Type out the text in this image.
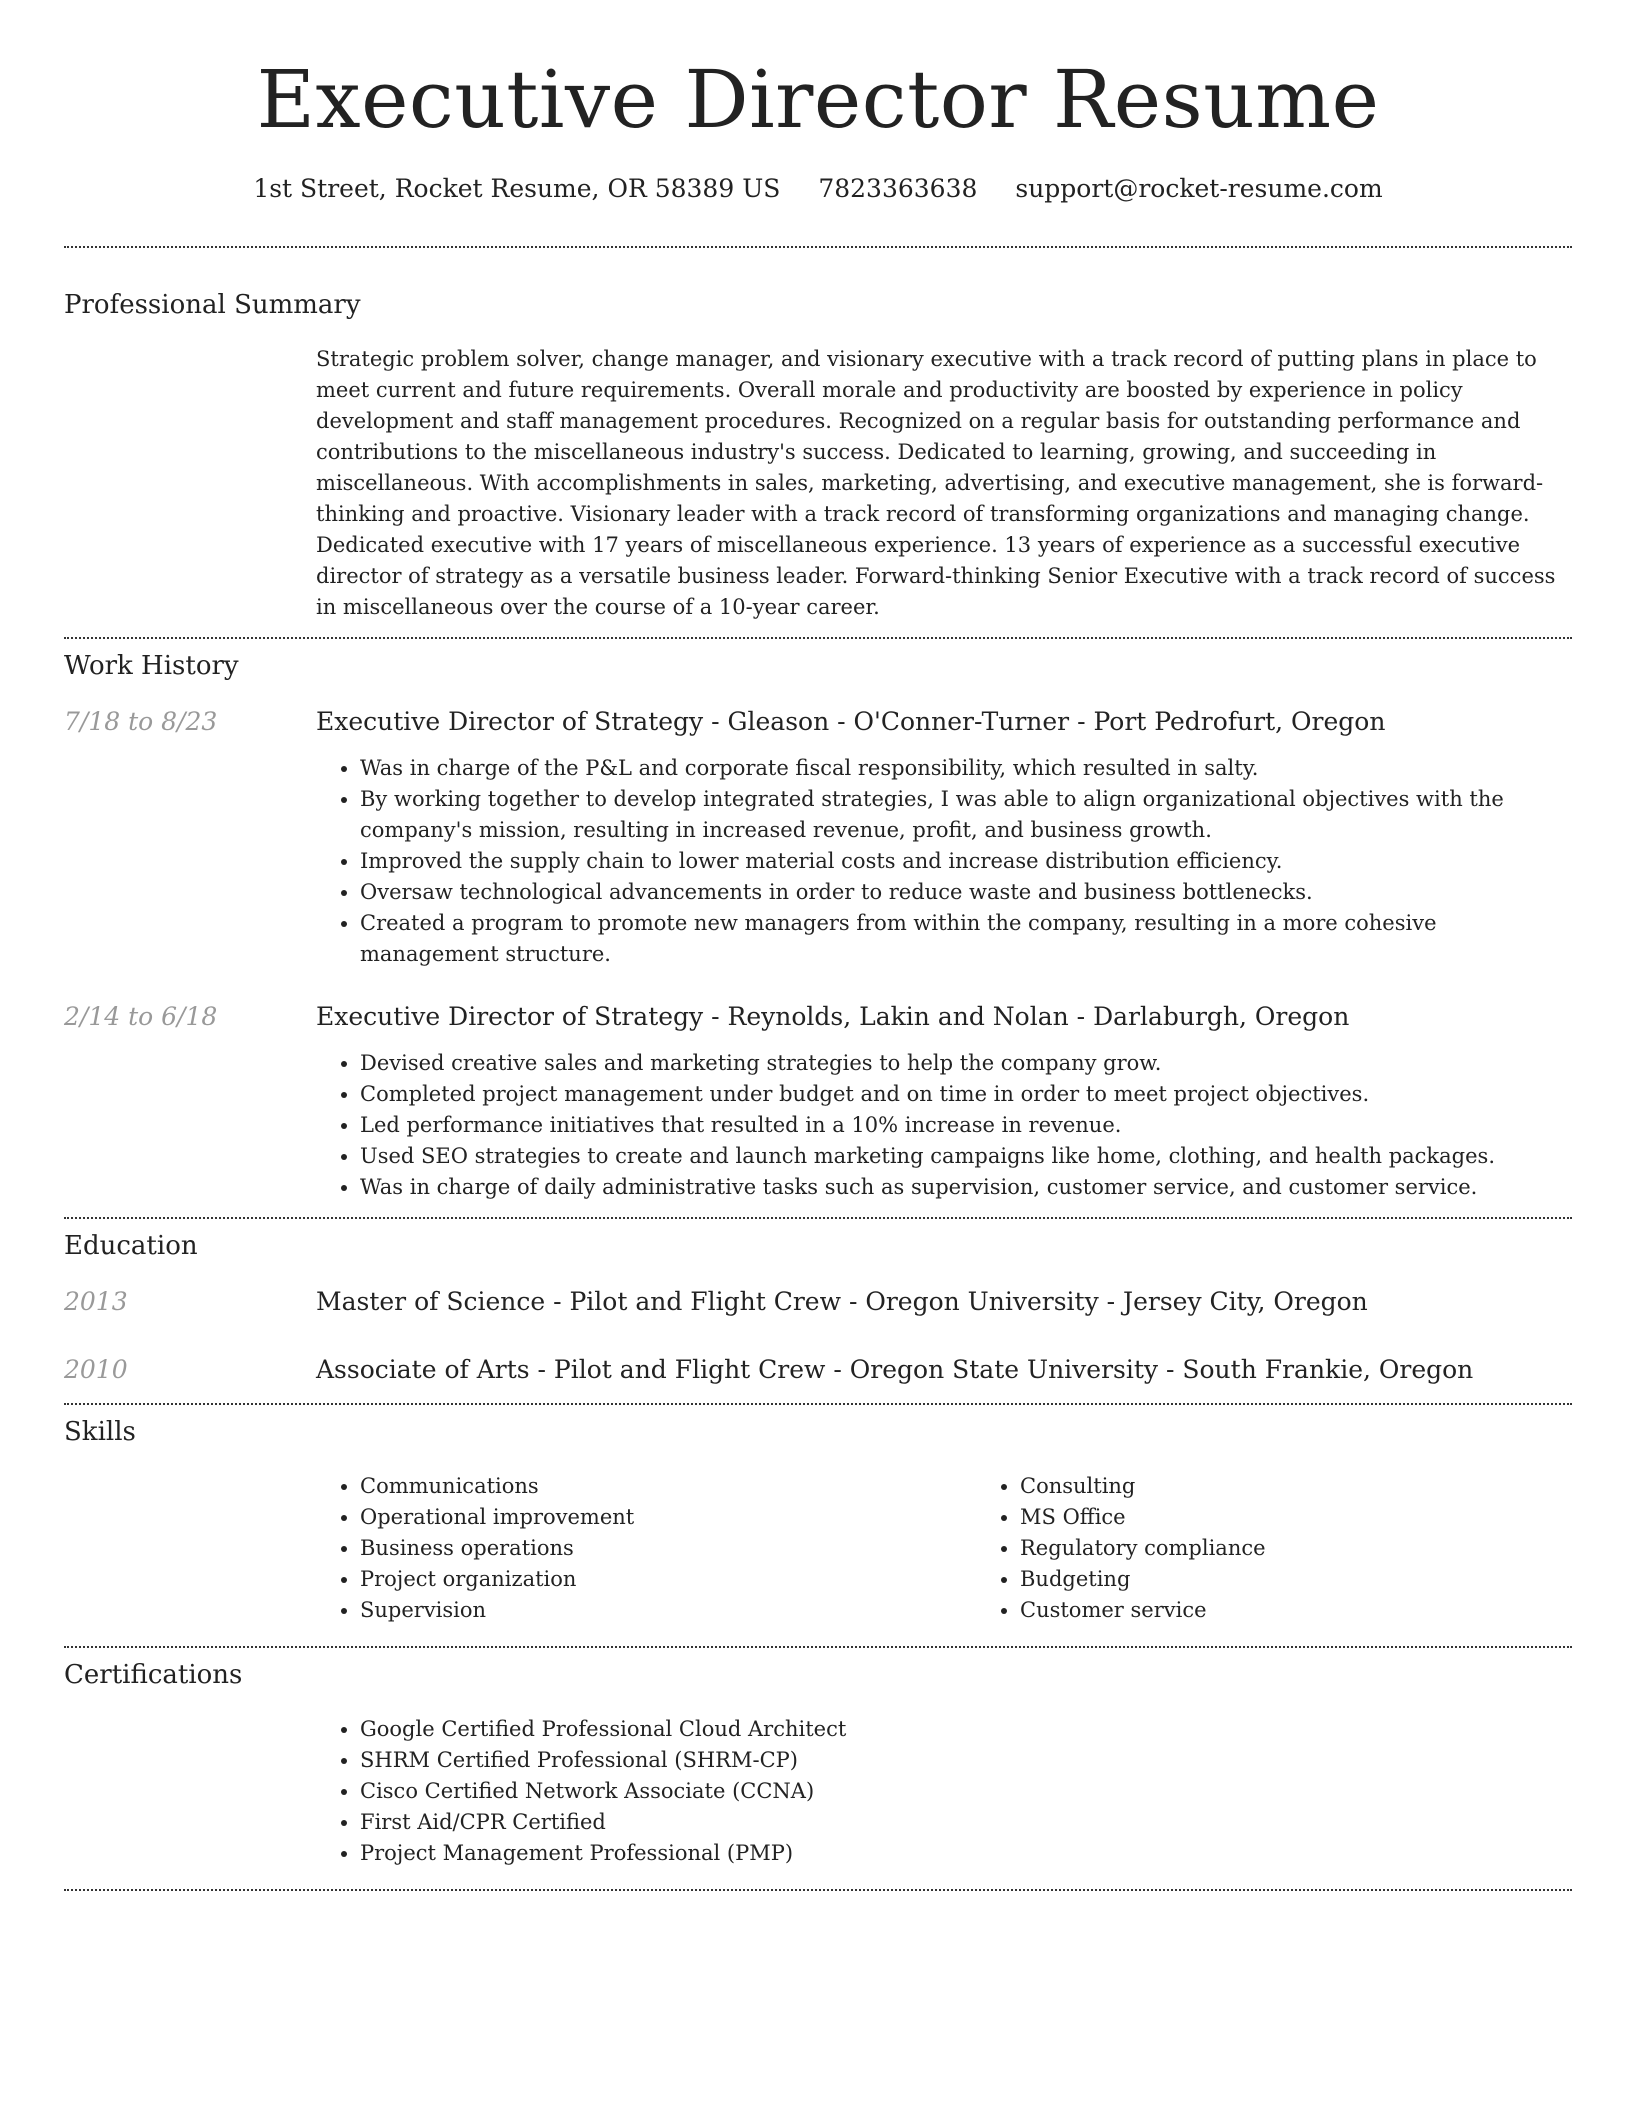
Executive Director Resume
1st Street, Rocket Resume, OR 58389 US 7823363638 support@rocket-resume.com
Professional Summary

Strategic problem solver, change manager, and visionary executive with a track record of putting plans in place to meet current and future requirements. Overall morale and productivity are boosted by experience in policy development and staff management procedures. Recognized on a regular basis for outstanding performance and contributions to the miscellaneous industry's success. Dedicated to learning, growing, and succeeding in miscellaneous. With accomplishments in sales, marketing, advertising, and executive management, she is forward-thinking and proactive. Visionary leader with a track record of transforming organizations and managing change. Dedicated executive with 17 years of miscellaneous experience. 13 years of experience as a successful executive director of strategy as a versatile business leader. Forward-thinking Senior Executive with a track record of success in miscellaneous over the course of a 10-year career.

Work History
7/18 to 8/23	Executive Director of Strategy - Gleason - O'Conner-Turner - Port Pedrofurt, Oregon
• Was in charge of the P&L and corporate fiscal responsibility, which resulted in salty.
• By working together to develop integrated strategies, I was able to align organizational objectives with the company's mission, resulting in increased revenue, profit, and business growth.
• Improved the supply chain to lower material costs and increase distribution efficiency.
• Oversaw technological advancements in order to reduce waste and business bottlenecks.
• Created a program to promote new managers from within the company, resulting in a more cohesive management structure.
2/14 to 6/18	Executive Director of Strategy - Reynolds, Lakin and Nolan - Darlaburgh, Oregon
• Devised creative sales and marketing strategies to help the company grow.
• Completed project management under budget and on time in order to meet project objectives.
• Led performance initiatives that resulted in a 10% increase in revenue.
• Used SEO strategies to create and launch marketing campaigns like home, clothing, and health packages.
• Was in charge of daily administrative tasks such as supervision, customer service, and customer service.
Education
2013	Master of Science - Pilot and Flight Crew - Oregon University - Jersey City, Oregon
2010	Associate of Arts - Pilot and Flight Crew - Oregon State University - South Frankie, Oregon
Skills
• Communications
• Operational improvement
• Business operations
• Project organization
• Supervision
• Consulting
• MS Office
• Regulatory compliance
• Budgeting
• Customer service
Certifications
• Google Certified Professional Cloud Architect
• SHRM Certified Professional (SHRM-CP)
• Cisco Certified Network Associate (CCNA)
• First Aid/CPR Certified
• Project Management Professional (PMP)
